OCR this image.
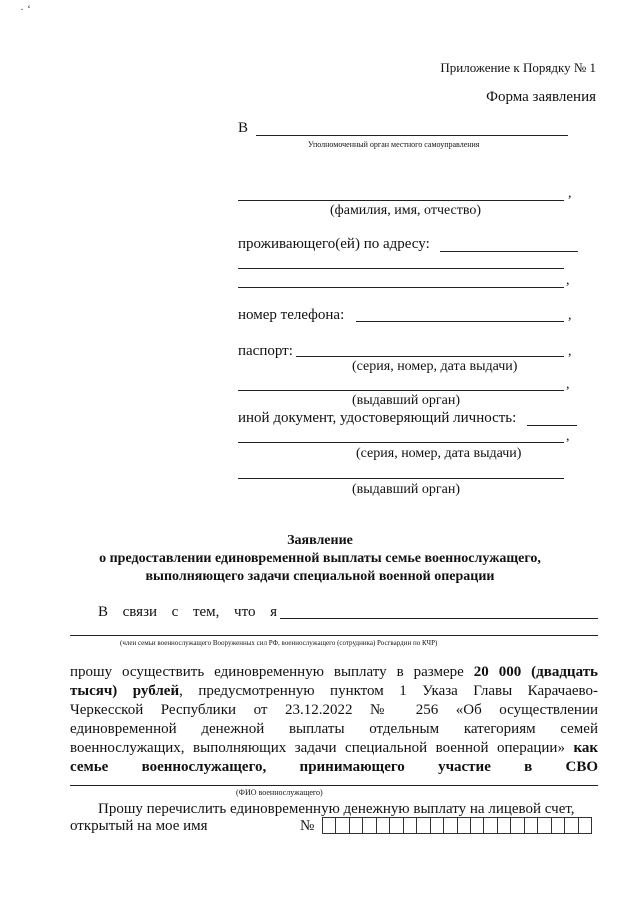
· ʻ
Приложение к Порядку № 1
Форма заявления
В
Уполномоченный орган местного самоуправления
,
(фамилия, имя, отчество)
проживающего(ей) по адресу:
,
номер телефона:	,
паспорт:	,
(серия, номер, дата выдачи)
,
(выдавший орган)
иной документ, удостоверяющий личность:
,
(серия, номер, дата выдачи)
(выдавший орган)
Заявление
о предоставлении единовременной выплаты семье военнослужащего,
выполняющего задачи специальной военной операции
В связи с тем, что я
(член семьи военнослужащего Вооруженных сил РФ, военнослужащего (сотрудника) Росгвардии по КЧР)
прошу осуществить единовременную выплату в размере 20 000 (двадцать
тысяч) рублей, предусмотренную пунктом 1 Указа Главы Карачаево-
Черкесской Республики от 23.12.2022 № 256 «Об осуществлении
единовременной денежной выплаты отдельным категориям семей
военнослужащих, выполняющих задачи специальной военной операции» как
семье военнослужащего, принимающего участие в СВО
(ФИО военнослужащего)
Прошу перечислить единовременную денежную выплату на лицевой счет,
открытый на мое имя	№
